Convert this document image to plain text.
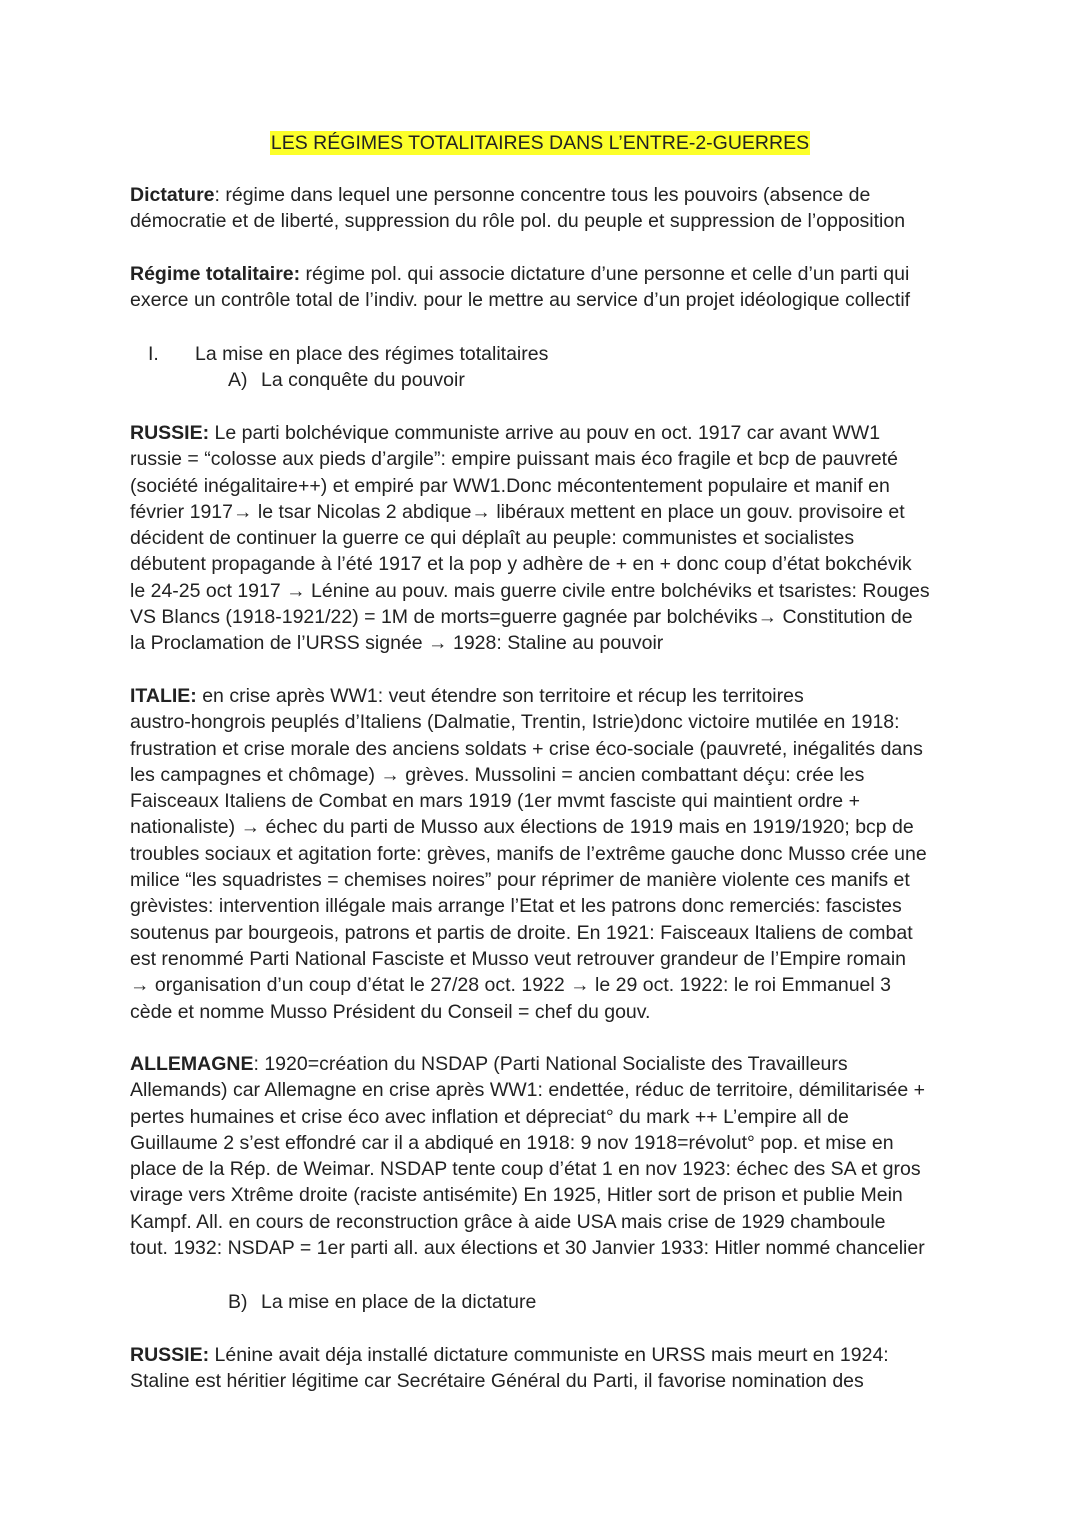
LES RÉGIMES TOTALITAIRES DANS L’ENTRE-2-GUERRES

Dictature: régime dans lequel une personne concentre tous les pouvoirs (absence de
démocratie et de liberté, suppression du rôle pol. du peuple et suppression de l’opposition

Régime totalitaire: régime pol. qui associe dictature d’une personne et celle d’un parti qui
exerce un contrôle total de l’indiv. pour le mettre au service d’un projet idéologique collectif

I. La mise en place des régimes totalitaires
A) La conquête du pouvoir

RUSSIE: Le parti bolchévique communiste arrive au pouv en oct. 1917 car avant WW1
russie = “colosse aux pieds d’argile”: empire puissant mais éco fragile et bcp de pauvreté
(société inégalitaire++) et empiré par WW1.Donc mécontentement populaire et manif en
février 1917→ le tsar Nicolas 2 abdique→ libéraux mettent en place un gouv. provisoire et
décident de continuer la guerre ce qui déplaît au peuple: communistes et socialistes
débutent propagande à l’été 1917 et la pop y adhère de + en + donc coup d’état bokchévik
le 24-25 oct 1917 → Lénine au pouv. mais guerre civile entre bolchéviks et tsaristes: Rouges
VS Blancs (1918-1921/22) = 1M de morts=guerre gagnée par bolchéviks→ Constitution de
la Proclamation de l’URSS signée → 1928: Staline au pouvoir

ITALIE: en crise après WW1: veut étendre son territoire et récup les territoires
austro-hongrois peuplés d’Italiens (Dalmatie, Trentin, Istrie)donc victoire mutilée en 1918:
frustration et crise morale des anciens soldats + crise éco-sociale (pauvreté, inégalités dans
les campagnes et chômage) → grèves. Mussolini = ancien combattant déçu: crée les
Faisceaux Italiens de Combat en mars 1919 (1er mvmt fasciste qui maintient ordre +
nationaliste) → échec du parti de Musso aux élections de 1919 mais en 1919/1920; bcp de
troubles sociaux et agitation forte: grèves, manifs de l’extrême gauche donc Musso crée une
milice “les squadristes = chemises noires” pour réprimer de manière violente ces manifs et
grèvistes: intervention illégale mais arrange l’Etat et les patrons donc remerciés: fascistes
soutenus par bourgeois, patrons et partis de droite. En 1921: Faisceaux Italiens de combat
est renommé Parti National Fasciste et Musso veut retrouver grandeur de l’Empire romain
→ organisation d’un coup d’état le 27/28 oct. 1922 → le 29 oct. 1922: le roi Emmanuel 3
cède et nomme Musso Président du Conseil = chef du gouv.

ALLEMAGNE: 1920=création du NSDAP (Parti National Socialiste des Travailleurs
Allemands) car Allemagne en crise après WW1: endettée, réduc de territoire, démilitarisée +
pertes humaines et crise éco avec inflation et dépreciat° du mark ++ L’empire all de
Guillaume 2 s’est effondré car il a abdiqué en 1918: 9 nov 1918=révolut° pop. et mise en
place de la Rép. de Weimar. NSDAP tente coup d’état 1 en nov 1923: échec des SA et gros
virage vers Xtrême droite (raciste antisémite) En 1925, Hitler sort de prison et publie Mein
Kampf. All. en cours de reconstruction grâce à aide USA mais crise de 1929 chamboule
tout. 1932: NSDAP = 1er parti all. aux élections et 30 Janvier 1933: Hitler nommé chancelier

B) La mise en place de la dictature

RUSSIE: Lénine avait déja installé dictature communiste en URSS mais meurt en 1924:
Staline est héritier légitime car Secrétaire Général du Parti, il favorise nomination des
